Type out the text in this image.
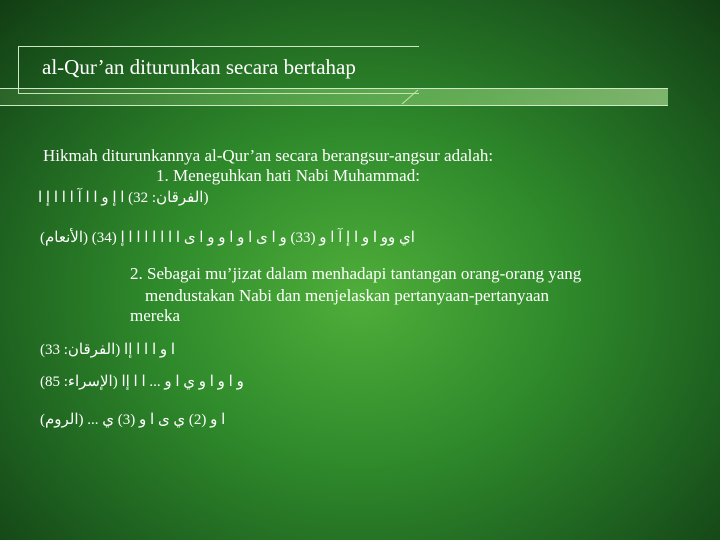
al-Qur’an diturunkan secara bertahap
Hikmah diturunkannya al-Qur’an secara berangsur-angsur adalah:
1. Meneguhkan hati Nabi Muhammad:
(الفرقان: 32) ا إ و ا ا آ ا ا ا إ ا
اي وو ا و ا إ آ ا و (33) و ا ى ا و ا و و ا ى ا ا ا ا ا ا ا إ (34) (الأنعام)
2. Sebagai mu’jizat dalam menhadapi tantangan orang-orang yang
mendustakan Nabi dan menjelaskan pertanyaan-pertanyaan
mereka
ا و ا ا ا إا (الفرقان: 33)
و ا و ا و ي ا و ... ا ا إا (الإسراء: 85)
ا و (2) ي ى ا و (3) ي ... (الروم)
